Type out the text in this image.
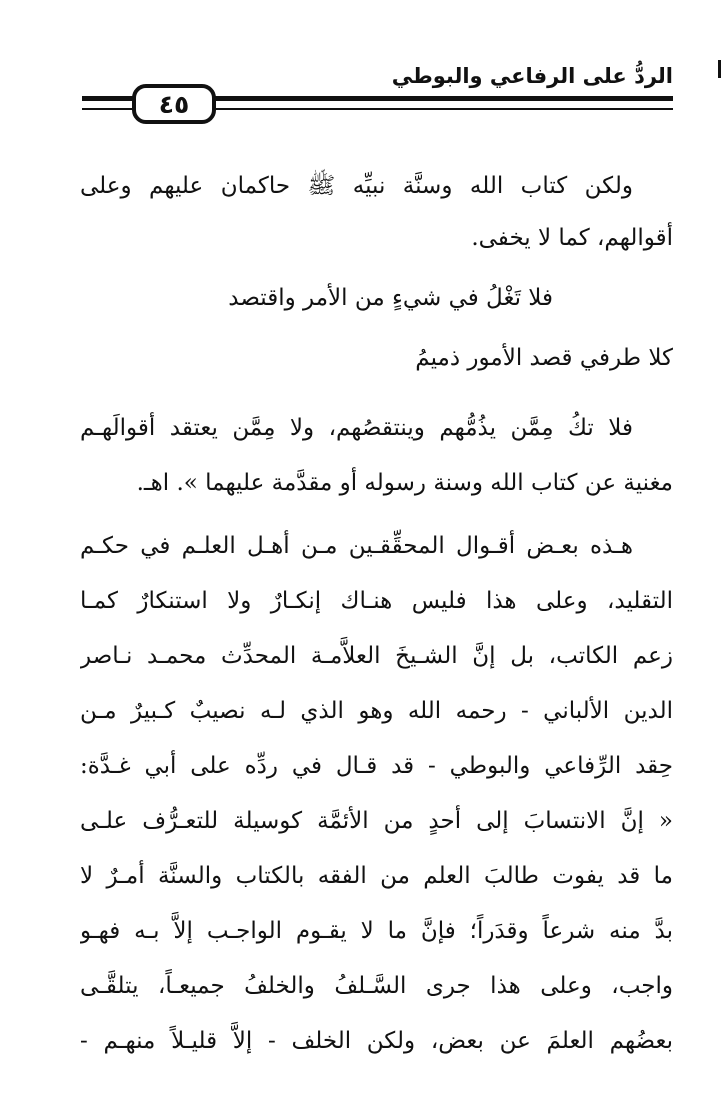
الردُّ على الرفاعي والبوطي
٤٥
ولكن كتاب الله وسنَّة نبيِّه ﷺ حاكمان عليهم وعلى
أقوالهم، كما لا يخفى.
فلا تَغْلُ في شيءٍ من الأمر واقتصد
كلا طرفي قصد الأمور ذميمُ
فلا تكُ مِمَّن يذُمُّهم وينتقصُهم، ولا مِمَّن يعتقد أقوالَهـم
مغنية عن كتاب الله وسنة رسوله أو مقدَّمة عليهما ». اهـ.
هـذه بعـض أقـوال المحقِّقـين مـن أهـل العلـم في حكـم
التقليد، وعلى هذا فليس هنـاك إنكـارٌ ولا استنكارٌ كمـا
زعم الكاتب، بل إنَّ الشـيخَ العلاَّمـة المحدِّث محمـد نـاصر
الدين الألباني - رحمه الله وهو الذي لـه نصيبٌ كـبيرٌ مـن
حِقد الرِّفاعي والبوطي - قد قـال في ردِّه على أبي غـدَّة:
« إنَّ الانتسابَ إلى أحدٍ من الأئمَّة كوسيلة للتعـرُّف علـى
ما قد يفوت طالبَ العلم من الفقه بالكتاب والسنَّة أمـرٌ لا
بدَّ منه شرعاً وقدَراً؛ فإنَّ ما لا يقـوم الواجـب إلاَّ بـه فهـو
واجب، وعلى هذا جرى السَّـلفُ والخلفُ جميعـاً، يتلقَّـى
بعضُهم العلمَ عن بعض، ولكن الخلف - إلاَّ قليـلاً منهـم -
